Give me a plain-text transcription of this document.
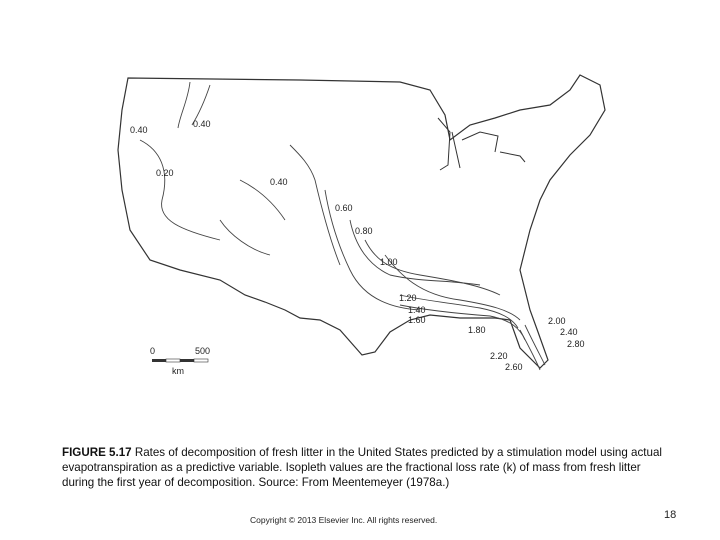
0.40
0.40
0.20
0.40
0.60
0.80
1.00
1.20
1.40
1.60
1.80
2.00
2.40
2.80
2.20
2.60
0	500
km
FIGURE 5.17 Rates of decomposition of fresh litter in the United States predicted by a stimulation model using actual evapotranspiration as a predictive variable. Isopleth values are the fractional loss rate (k) of mass from fresh litter during the first year of decomposition. Source: From Meentemeyer (1978a.)
Copyright © 2013 Elsevier Inc. All rights reserved.	18
